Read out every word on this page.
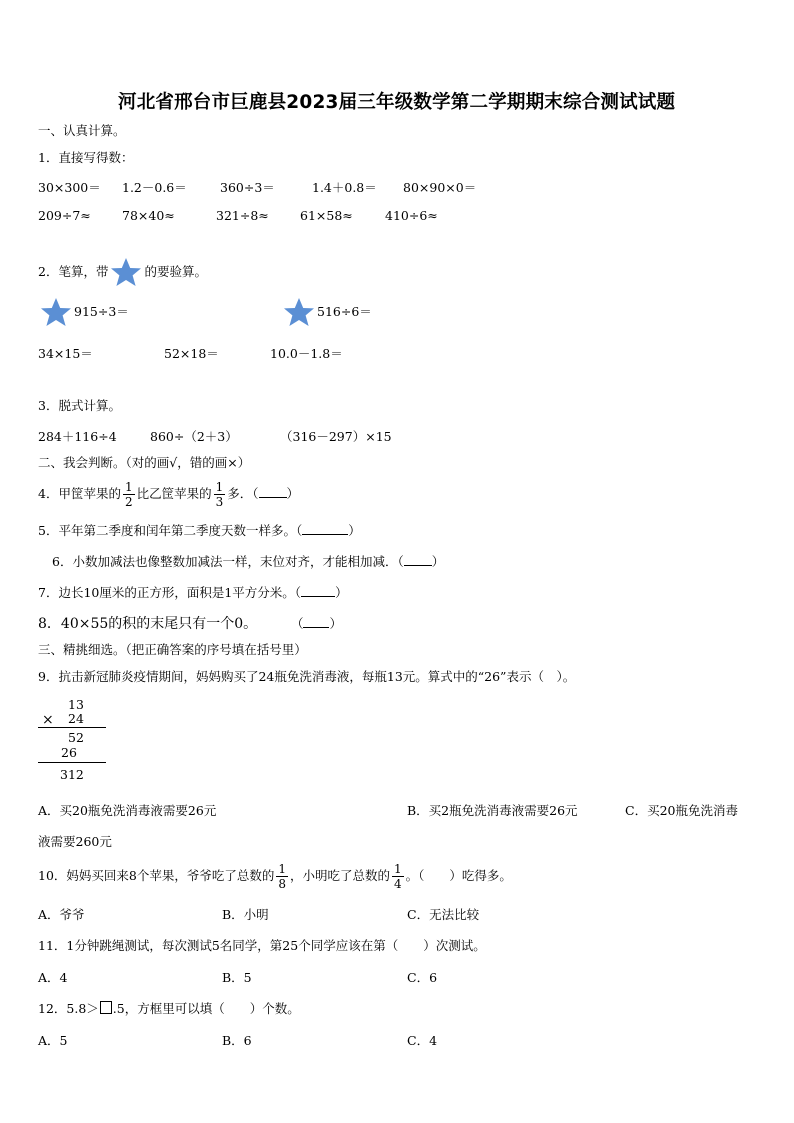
河北省邢台市巨鹿县2023届三年级数学第二学期期末综合测试试题
一、认真计算。
1．直接写得数：
30×300＝ 1.2－0.6＝	360÷3＝	1.4＋0.8＝ 80×90×0＝
209÷7≈ 78×40≈	321÷8≈ 61×58≈	410÷6≈
2．笔算，带	的要验算。
915÷3＝	516÷6＝
34×15＝	52×18＝	10.0－1.8＝
3．脱式计算。
284＋116÷4	860÷（2＋3）	（316－297）×15
二、我会判断。（对的画√，错的画×）
4．甲筐苹果的 $\frac{1}{2}$ 比乙筐苹果的 $\frac{1}{3}$ 多．（ ）
5．平年第二季度和闰年第二季度天数一样多。（	）
6．小数加减法也像整数加减法一样，末位对齐，才能相加减．（ ）
7．边长10厘米的正方形，面积是1平方分米。（	）
8．40×55的积的末尾只有一个0。	（ ）
三、精挑细选。（把正确答案的序号填在括号里）
9．抗击新冠肺炎疫情期间，妈妈购买了24瓶免洗消毒液，每瓶13元。算式中的“26”表示（　）。
13
× 24
52
26
312
A．买20瓶免洗消毒液需要26元	B．买2瓶免洗消毒液需要26元	C．买20瓶免洗消毒
液需要260元
10．妈妈买回来8个苹果，爷爷吃了总数的 $\frac{1}{8}$ ，小明吃了总数的 $\frac{1}{4}$ 。（　　）吃得多。
A．爷爷	B．小明	C．无法比较
11．1分钟跳绳测试，每次测试5名同学，第25个同学应该在第（　　）次测试。
A．4	B．5	C．6
12．5.8＞ .5，方框里可以填（　　）个数。
A．5	B．6	C．4
